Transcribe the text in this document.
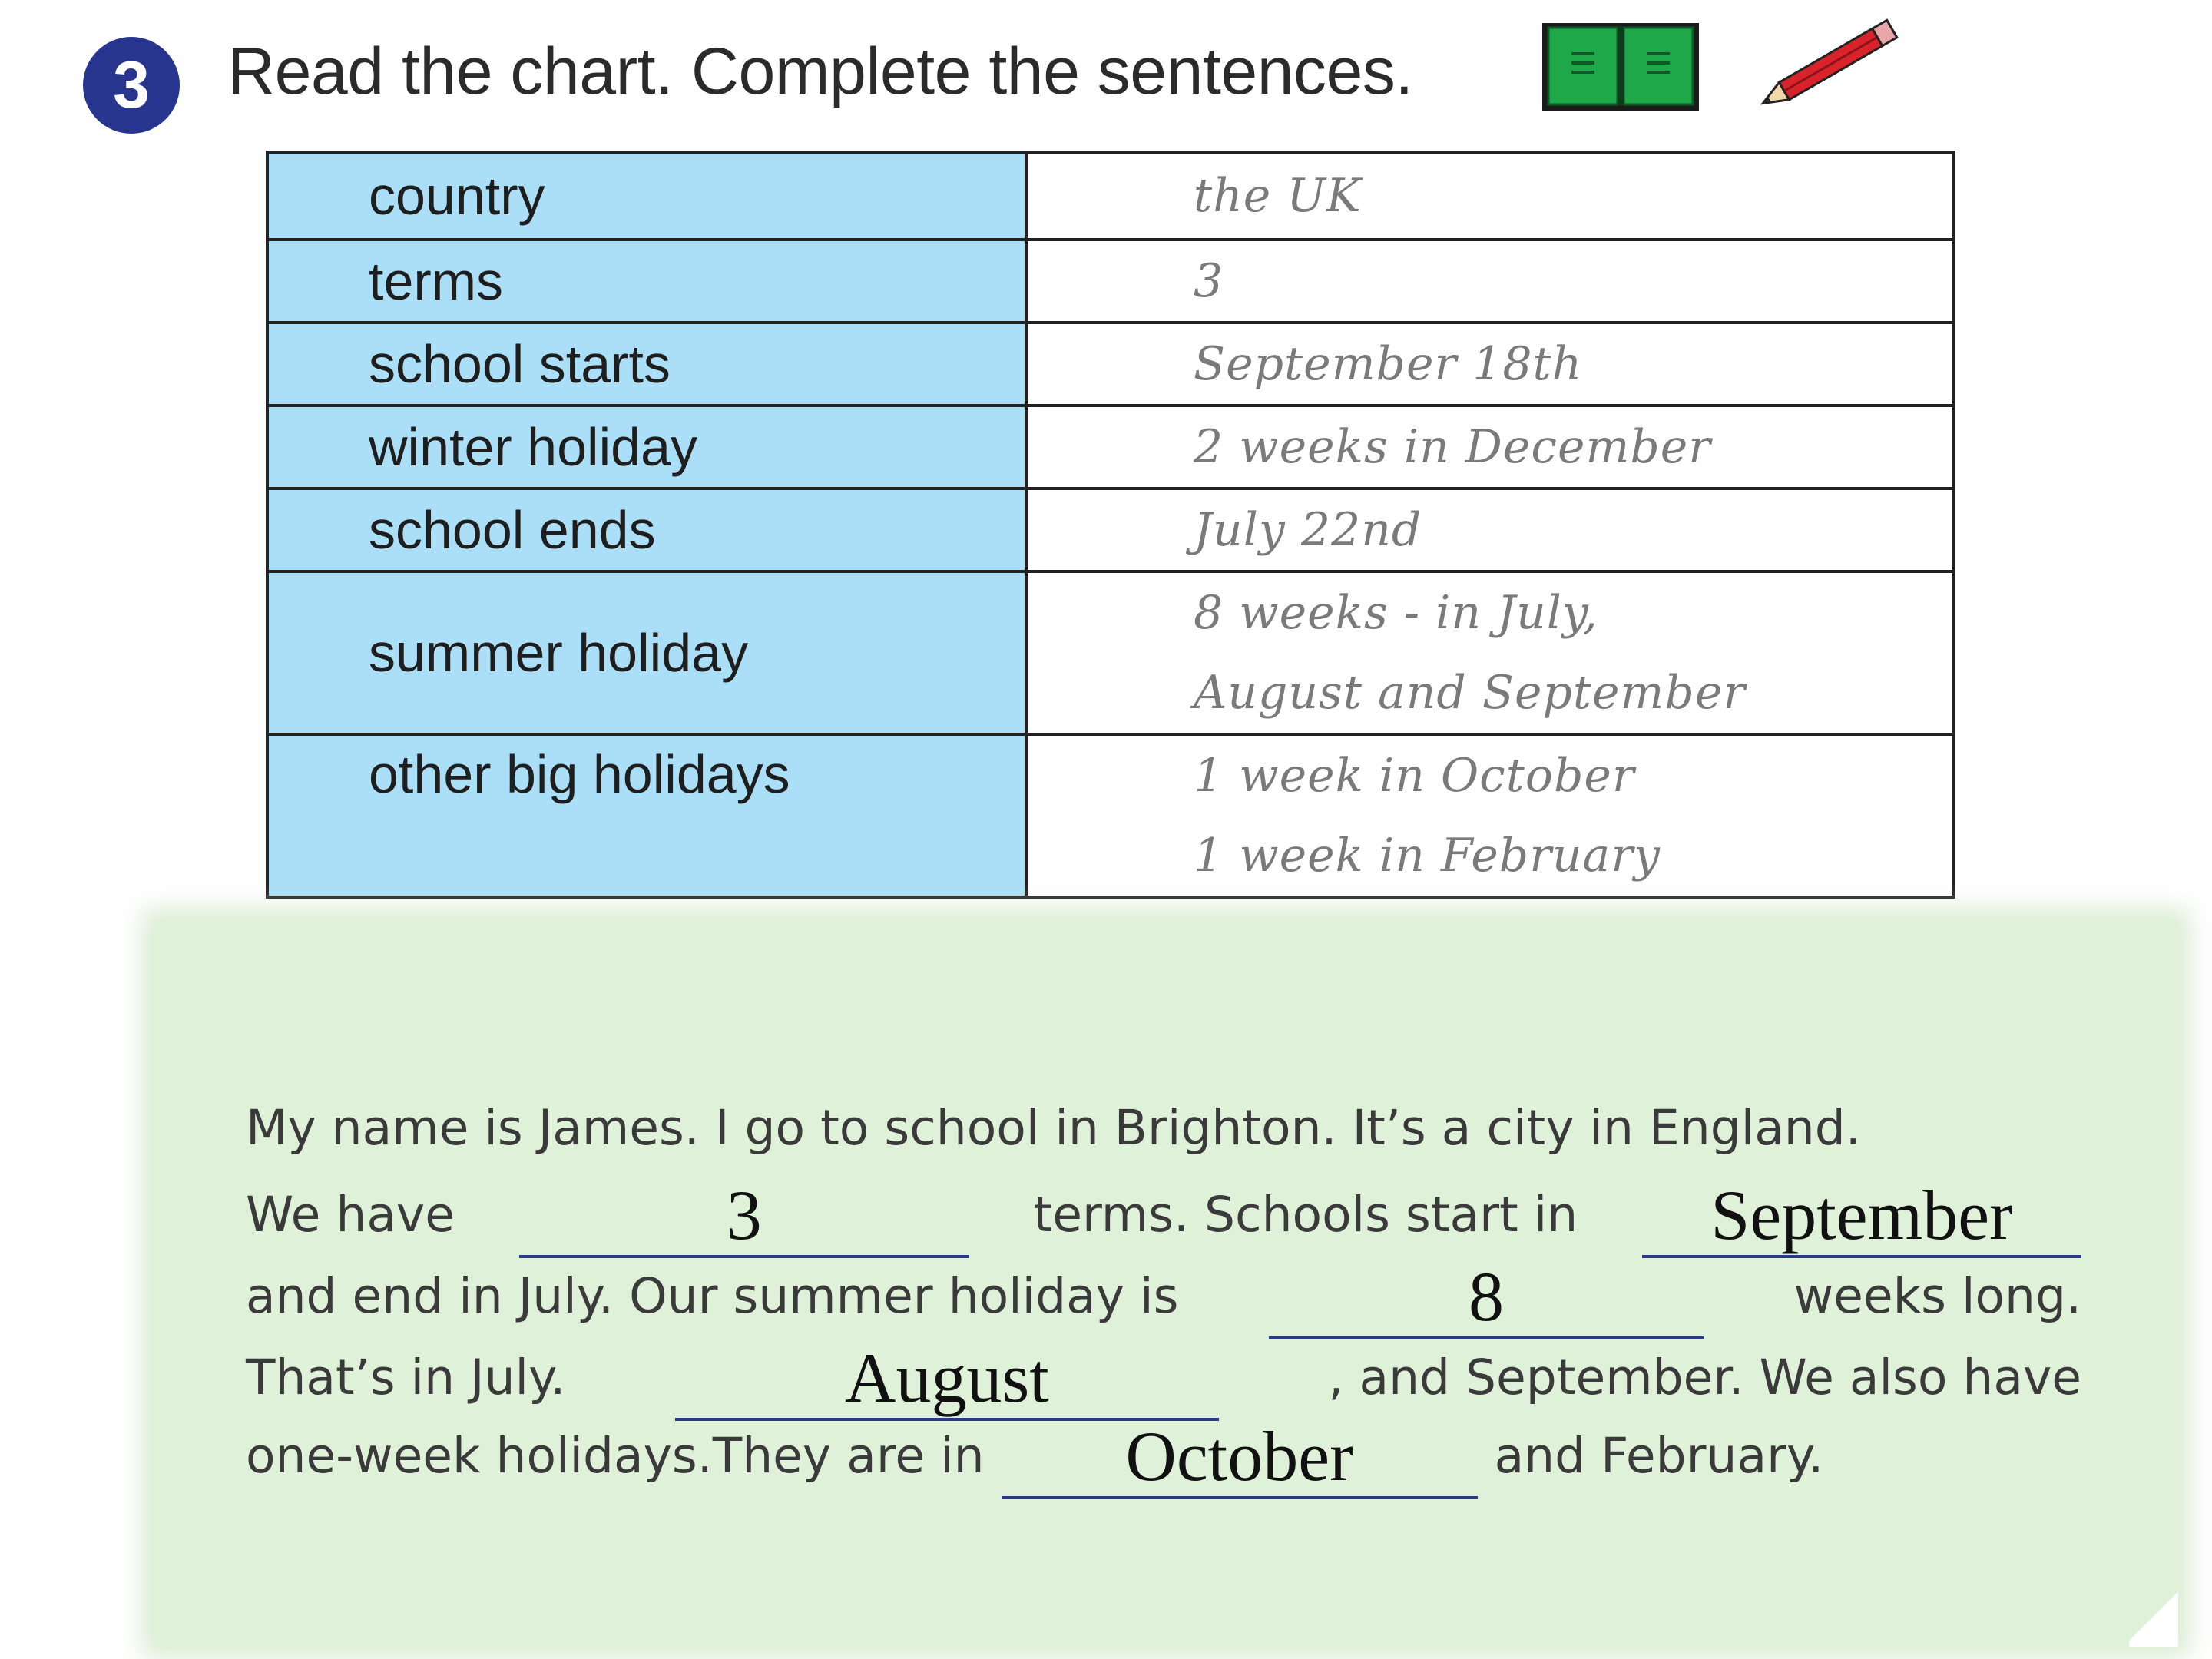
3	Read the chart. Complete the sentences.
country	the UK

terms	3

school starts	September 18th

winter holiday	2 weeks in December

school ends	July 22nd

summer holiday	8 weeks - in July,
August and September

other big holidays	1 week in October
1 week in February
My name is James. I go to school in Brighton. It’s a city in England.
We have	3	terms. Schools start in	September
and end in July. Our summer holiday is	8	weeks long.
That’s in July.	August	, and September. We also have
one-week holidays.They are in	October	and February.
